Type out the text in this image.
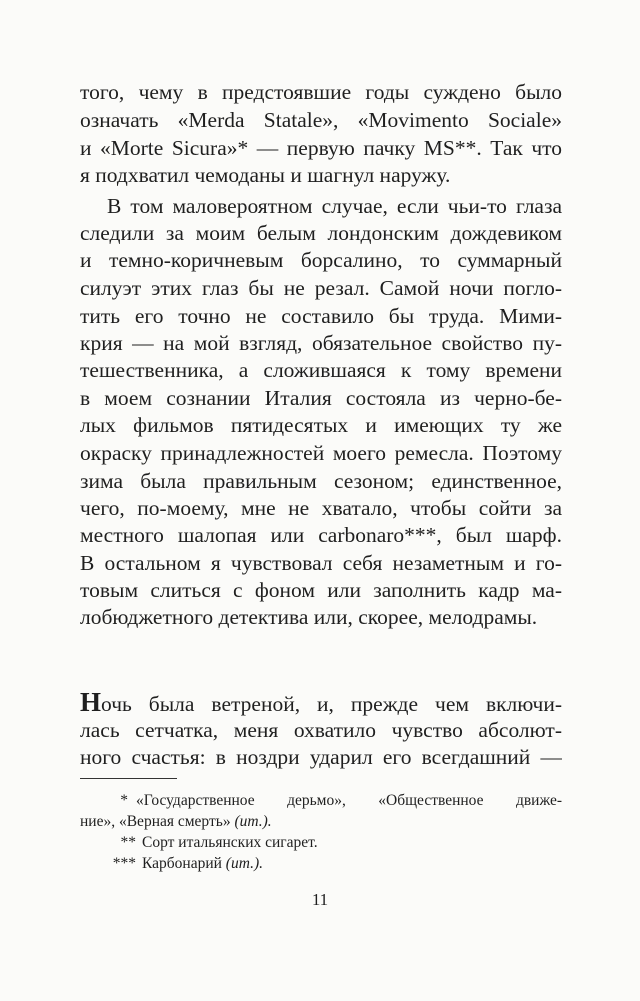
того, чему в предстоявшие годы суждено было
означать «Merda Statale», «Movimento Sociale»
и «Morte Sicura»* — первую пачку MS**. Так что
я подхватил чемоданы и шагнул наружу.
В том маловероятном случае, если чьи-то глаза
следили за моим белым лондонским дождевиком
и темно-коричневым борсалино, то суммарный
силуэт этих глаз бы не резал. Самой ночи погло-
тить его точно не составило бы труда. Мими-
крия — на мой взгляд, обязательное свойство пу-
тешественника, а сложившаяся к тому времени
в моем сознании Италия состояла из черно-бе-
лых фильмов пятидесятых и имеющих ту же
окраску принадлежностей моего ремесла. Поэтому
зима была правильным сезоном; единственное,
чего, по-моему, мне не хватало, чтобы сойти за
местного шалопая или carbonaro***, был шарф.
В остальном я чувствовал себя незаметным и го-
товым слиться с фоном или заполнить кадр ма-
лобюджетного детектива или, скорее, мелодрамы.
Ночь была ветреной, и, прежде чем включи-
лась сетчатка, меня охватило чувство абсолют-
ного счастья: в ноздри ударил его всегдашний —
* «Государственное дерьмо», «Общественное движе-
ние», «Верная смерть» (ит.).
** Сорт итальянских сигарет.
*** Карбонарий (ит.).
11
